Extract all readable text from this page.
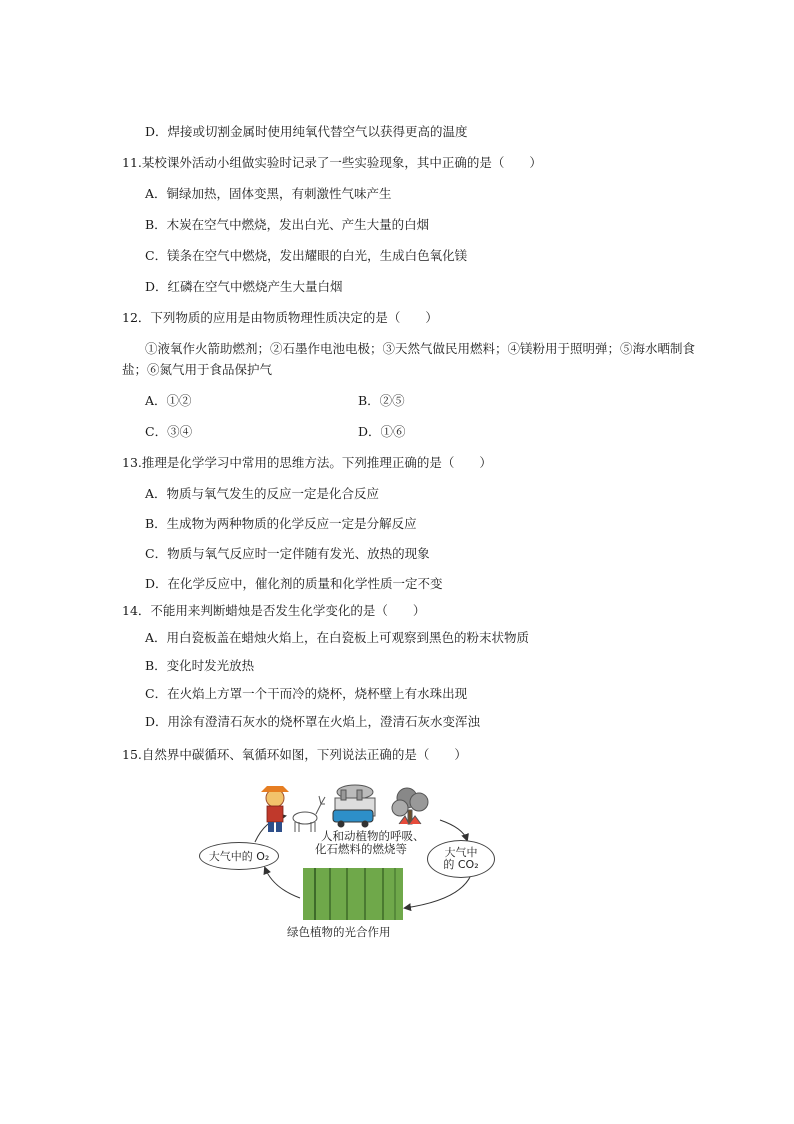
D．焊接或切割金属时使用纯氧代替空气以获得更高的温度
11.某校课外活动小组做实验时记录了一些实验现象，其中正确的是（　　）
A．铜绿加热，固体变黑，有刺激性气味产生
B．木炭在空气中燃烧，发出白光、产生大量的白烟
C．镁条在空气中燃烧，发出耀眼的白光，生成白色氧化镁
D．红磷在空气中燃烧产生大量白烟
12．下列物质的应用是由物质物理性质决定的是（　　）
①液氧作火箭助燃剂；②石墨作电池电极；③天然气做民用燃料；④镁粉用于照明弹；⑤海水晒制食
盐；⑥氮气用于食品保护气
A．①②	B．②⑤
C．③④	D．①⑥
13.推理是化学学习中常用的思维方法。下列推理正确的是（　　）
A．物质与氧气发生的反应一定是化合反应
B．生成物为两种物质的化学反应一定是分解反应
C．物质与氧气反应时一定伴随有发光、放热的现象
D．在化学反应中，催化剂的质量和化学性质一定不变
14．不能用来判断蜡烛是否发生化学变化的是（　　）
A．用白瓷板盖在蜡烛火焰上，在白瓷板上可观察到黑色的粉末状物质
B．变化时发光放热
C．在火焰上方罩一个干而冷的烧杯，烧杯壁上有水珠出现
D．用涂有澄清石灰水的烧杯罩在火焰上，澄清石灰水变浑浊
15.自然界中碳循环、氧循环如图，下列说法正确的是（　　）
人和动植物的呼吸、
化石燃料的燃烧等
大气中的 O₂	大气中
的 CO₂
绿色植物的光合作用
